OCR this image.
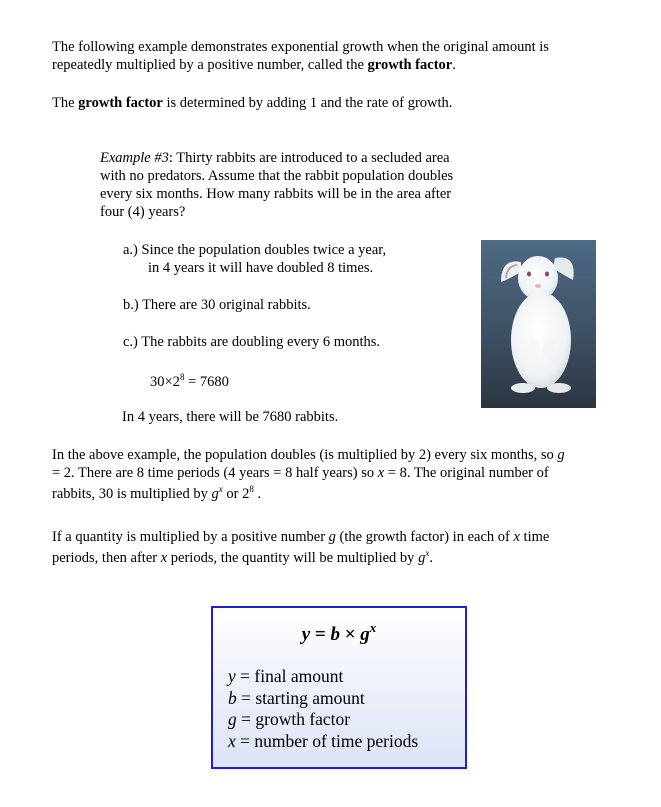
The following example demonstrates exponential growth when the original amount is
repeatedly multiplied by a positive number, called the growth factor.
The growth factor is determined by adding 1 and the rate of growth.
Example #3: Thirty rabbits are introduced to a secluded area
with no predators. Assume that the rabbit population doubles
every six months. How many rabbits will be in the area after
four (4) years?
a.) Since the population doubles twice a year,
in 4 years it will have doubled 8 times.
b.) There are 30 original rabbits.
c.) The rabbits are doubling every 6 months.
$30\times 2^8 = 7680$
In 4 years, there will be 7680 rabbits.
In the above example, the population doubles (is multiplied by 2) every six months, so g
= 2. There are 8 time periods (4 years = 8 half years) so x = 8. The original number of
rabbits, 30 is multiplied by $g^x$ or $2^8$ .
If a quantity is multiplied by a positive number g (the growth factor) in each of x time
periods, then after x periods, the quantity will be multiplied by $g^x$.
$y = b \times g^x$
y = final amount
b = starting amount
g = growth factor
x = number of time periods
